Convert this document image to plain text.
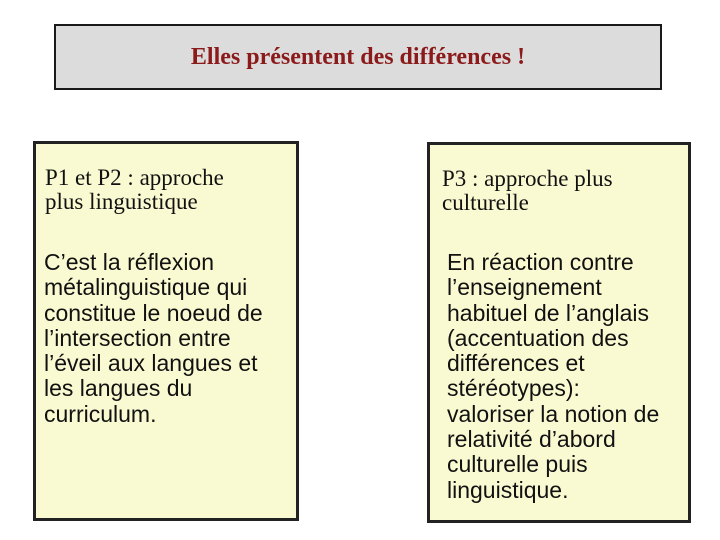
Elles présentent des différences !
P1 et P2 : approche
plus linguistique
C’est la réflexion
métalinguistique qui
constitue le noeud de
l’intersection entre
l’éveil aux langues et
les langues du
curriculum.
P3 : approche plus
culturelle
En réaction contre
l’enseignement
habituel de l’anglais
(accentuation des
différences et
stéréotypes):
valoriser la notion de
relativité d’abord
culturelle puis
linguistique.
